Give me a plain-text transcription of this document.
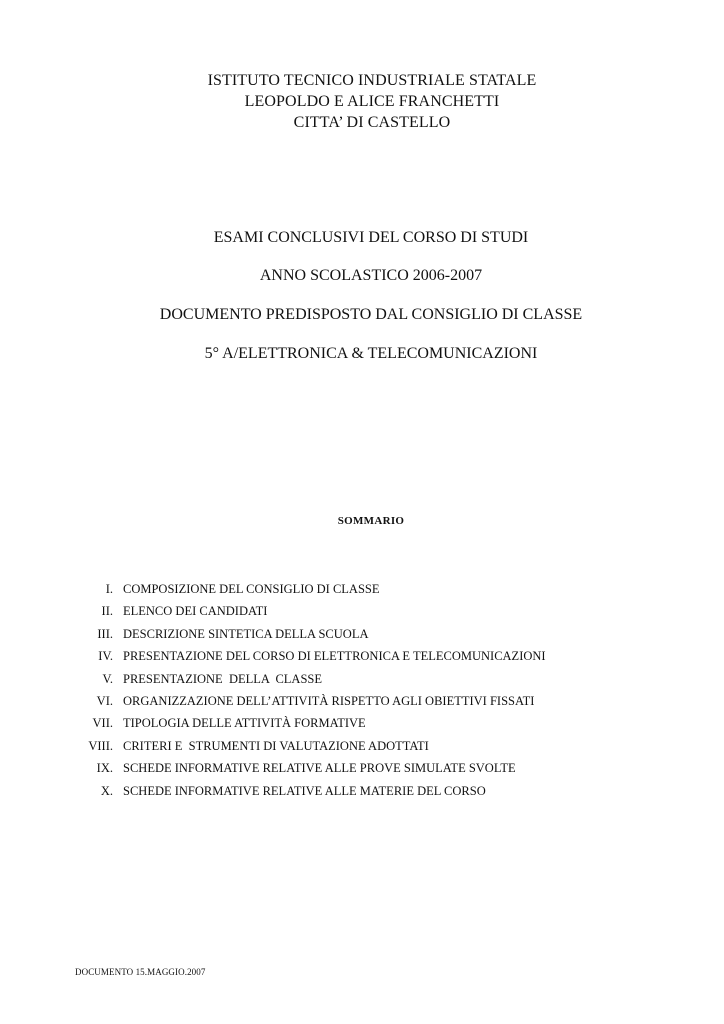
ISTITUTO TECNICO INDUSTRIALE STATALE
LEOPOLDO E ALICE FRANCHETTI
CITTA’ DI CASTELLO
ESAMI CONCLUSIVI DEL CORSO DI STUDI
ANNO SCOLASTICO 2006-2007
DOCUMENTO PREDISPOSTO DAL CONSIGLIO DI CLASSE
5° A/ELETTRONICA & TELECOMUNICAZIONI
SOMMARIO
I. COMPOSIZIONE DEL CONSIGLIO DI CLASSE
II. ELENCO DEI CANDIDATI
III. DESCRIZIONE SINTETICA DELLA SCUOLA
IV. PRESENTAZIONE DEL CORSO DI ELETTRONICA E TELECOMUNICAZIONI
V. PRESENTAZIONE  DELLA  CLASSE
VI. ORGANIZZAZIONE DELL’ATTIVITÀ RISPETTO AGLI OBIETTIVI FISSATI
VII. TIPOLOGIA DELLE ATTIVITÀ FORMATIVE
VIII. CRITERI E  STRUMENTI DI VALUTAZIONE ADOTTATI
IX. SCHEDE INFORMATIVE RELATIVE ALLE PROVE SIMULATE SVOLTE
X. SCHEDE INFORMATIVE RELATIVE ALLE MATERIE DEL CORSO
DOCUMENTO 15.MAGGIO.2007
